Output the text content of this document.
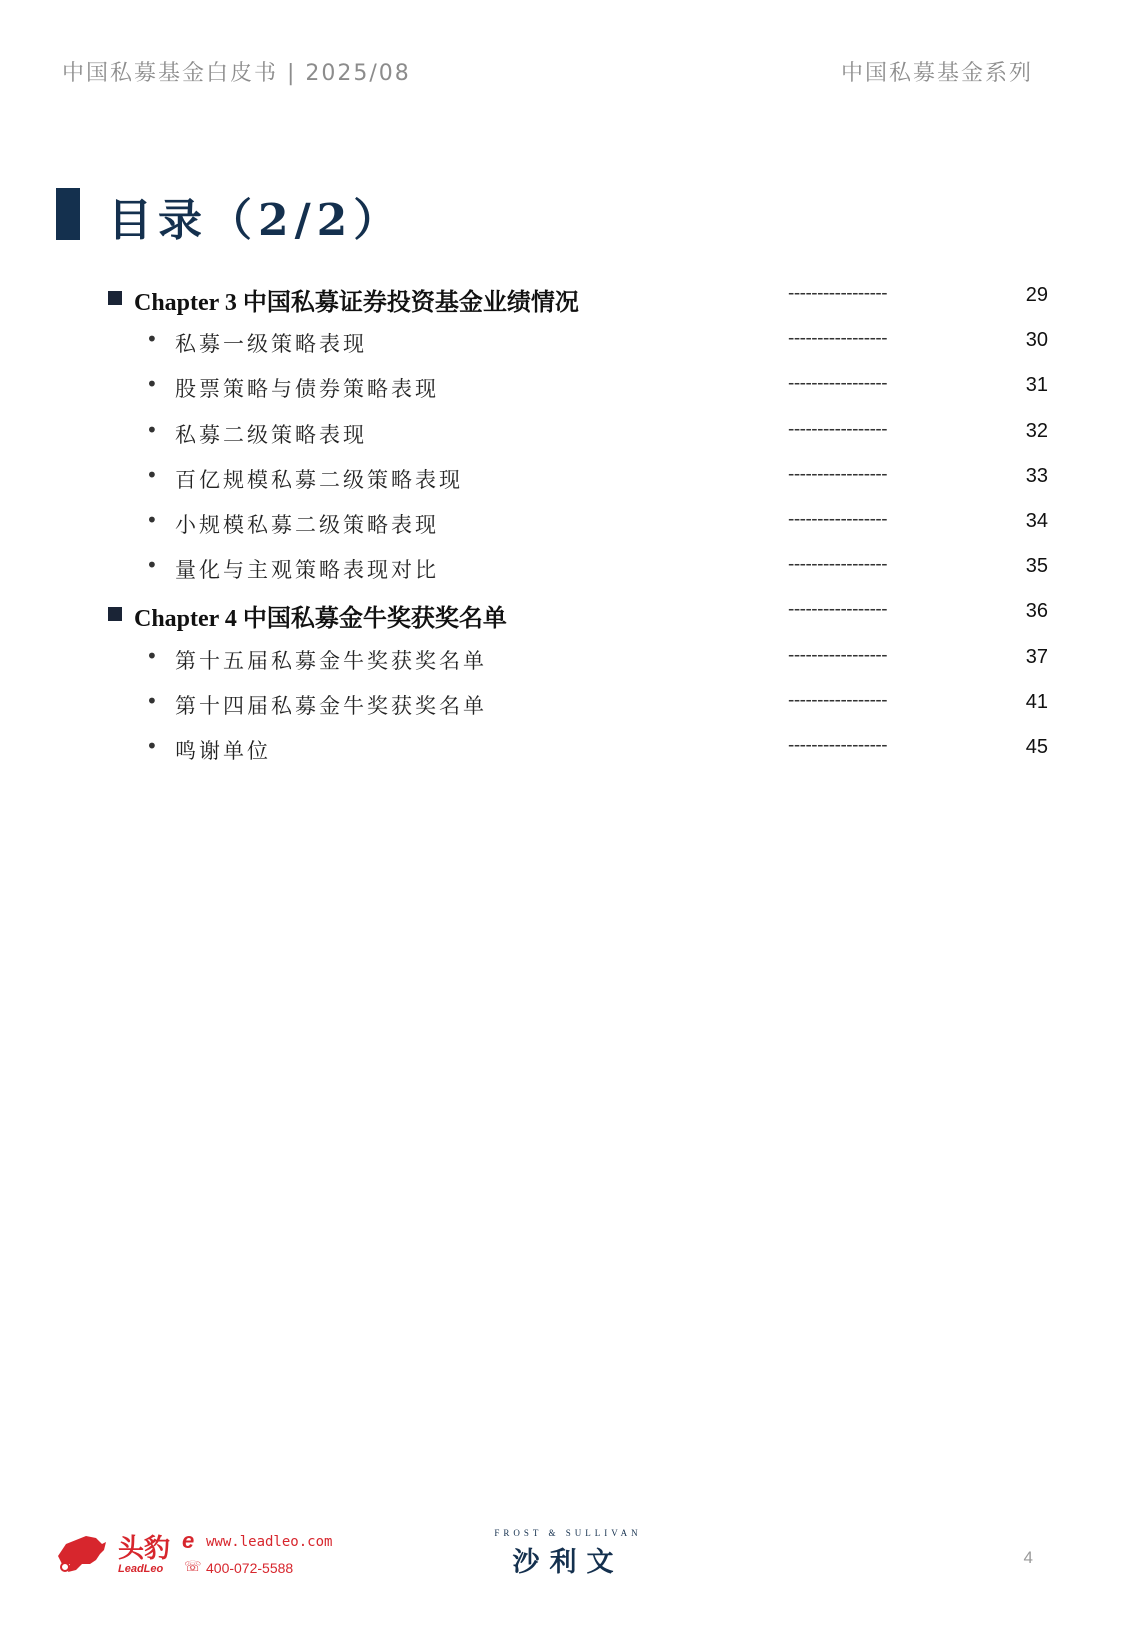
中国私募基金白皮书 | 2025/08	中国私募基金系列
目录（2/2）
Chapter 3 中国私募证券投资基金业绩情况	-----------------	29
• 私募一级策略表现	-----------------	30
• 股票策略与债券策略表现	-----------------	31
• 私募二级策略表现	-----------------	32
• 百亿规模私募二级策略表现	-----------------	33
• 小规模私募二级策略表现	-----------------	34
• 量化与主观策略表现对比	-----------------	35
Chapter 4 中国私募金牛奖获奖名单	-----------------	36
• 第十五届私募金牛奖获奖名单	-----------------	37
• 第十四届私募金牛奖获奖名单	-----------------	41
• 鸣谢单位	-----------------	45
头豹
LeadLeo
e www.leadleo.com
☏ 400-072-5588
FROST & SULLIVAN
沙利文	4
